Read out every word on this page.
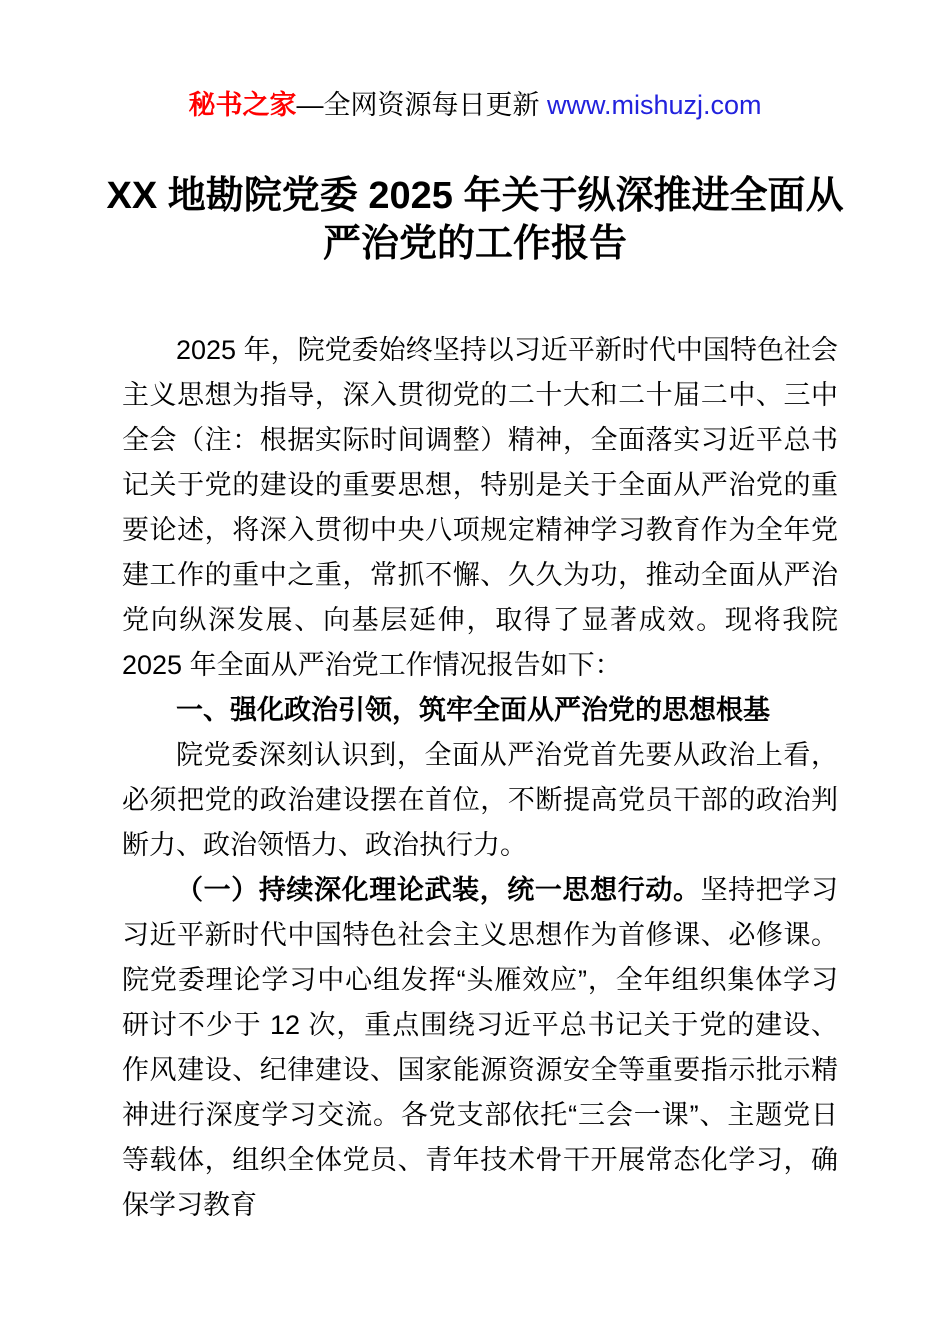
秘书之家—全网资源每日更新 www.mishuzj.com
XX 地勘院党委 2025 年关于纵深推进全面从严治党的工作报告

2025 年，院党委始终坚持以习近平新时代中国特色社会主义思想为指导，深入贯彻党的二十大和二十届二中、三中全会（注：根据实际时间调整）精神，全面落实习近平总书记关于党的建设的重要思想，特别是关于全面从严治党的重要论述，将深入贯彻中央八项规定精神学习教育作为全年党建工作的重中之重，常抓不懈、久久为功，推动全面从严治党向纵深发展、向基层延伸，取得了显著成效。现将我院 2025 年全面从严治党工作情况报告如下：

一、强化政治引领，筑牢全面从严治党的思想根基

院党委深刻认识到，全面从严治党首先要从政治上看，必须把党的政治建设摆在首位，不断提高党员干部的政治判断力、政治领悟力、政治执行力。

（一）持续深化理论武装，统一思想行动。坚持把学习习近平新时代中国特色社会主义思想作为首修课、必修课。院党委理论学习中心组发挥“头雁效应”，全年组织集体学习研讨不少于 12 次，重点围绕习近平总书记关于党的建设、作风建设、纪律建设、国家能源资源安全等重要指示批示精神进行深度学习交流。各党支部依托“三会一课”、主题党日等载体，组织全体党员、青年技术骨干开展常态化学习，确保学习教育
